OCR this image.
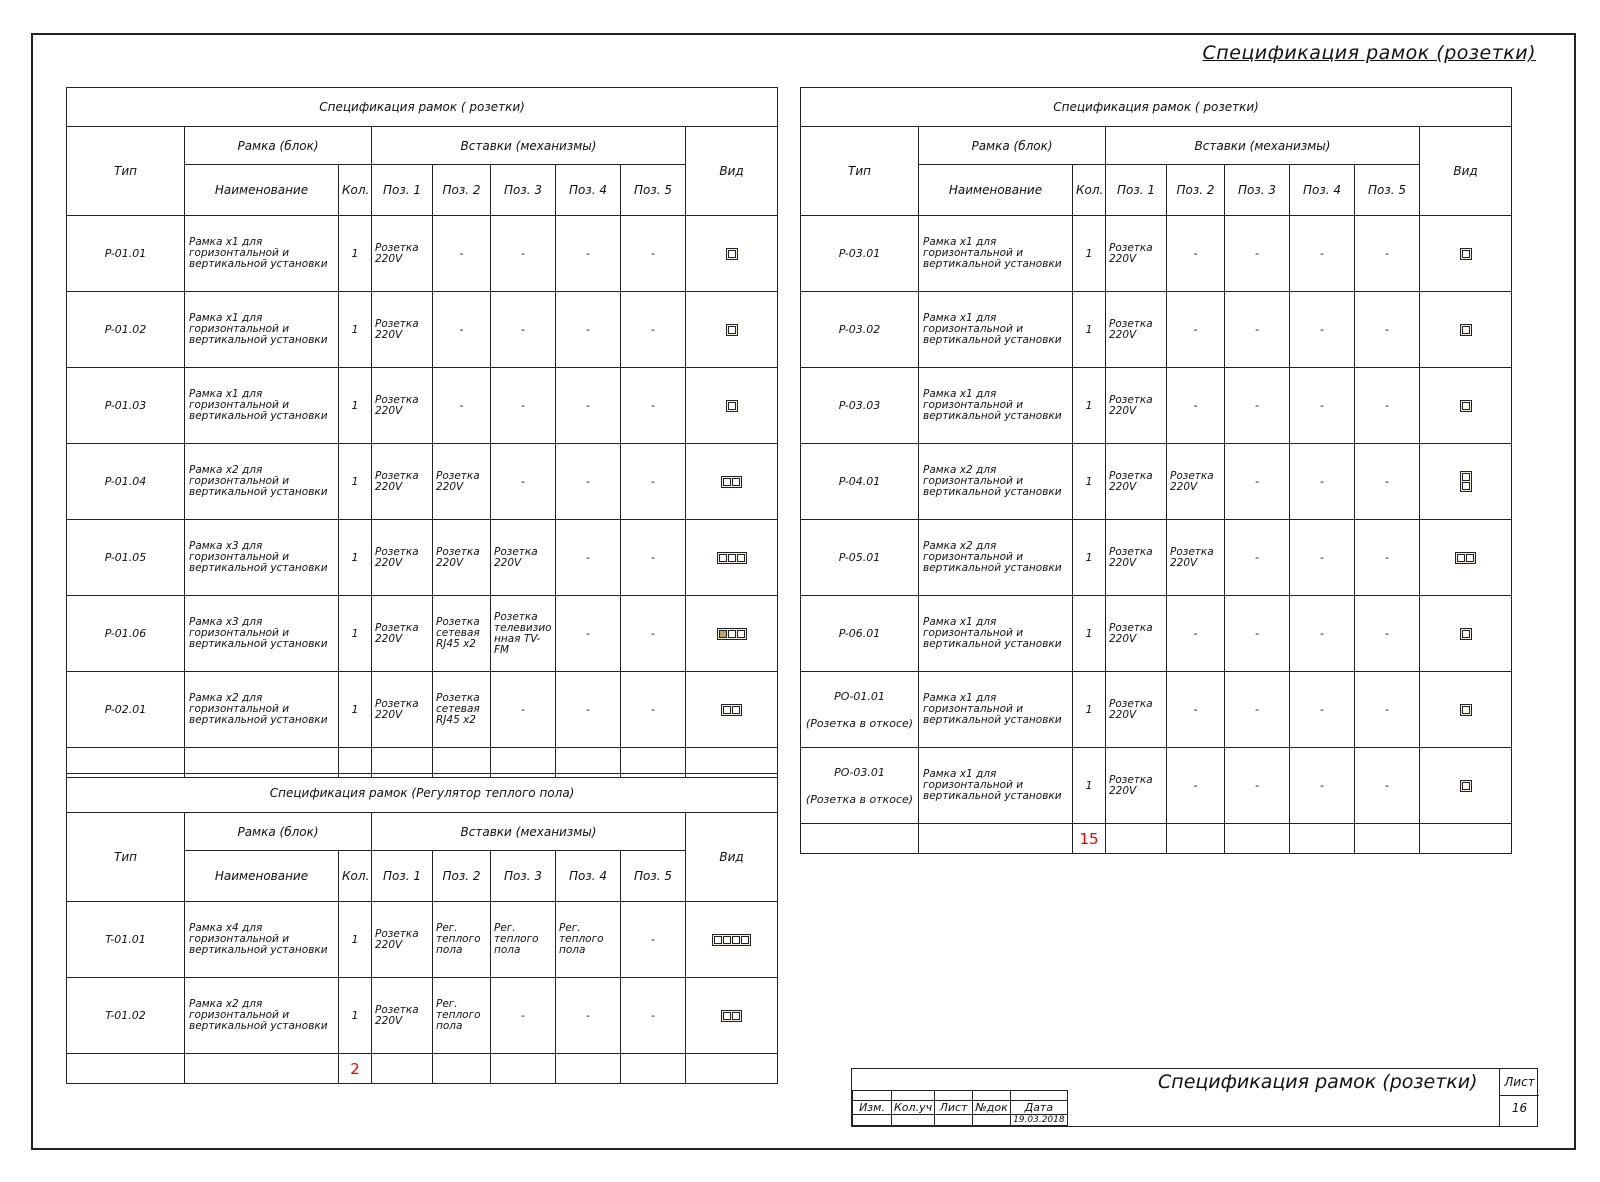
Спецификация рамок (розетки)
Спецификация рамок ( розетки)								
Тип	Рамка (блок)		Вставки (механизмы)					Вид
	Наименование	Кол.	Поз. 1	Поз. 2	Поз. 3	Поз. 4	Поз. 5	
P-01.01	Рамка x1 для горизонтальной и вертикальной установки	1	Розетка 220V	-	-	-	-	

P-01.02	Рамка x1 для горизонтальной и вертикальной установки	1	Розетка 220V	-	-	-	-	

P-01.03	Рамка x1 для горизонтальной и вертикальной установки	1	Розетка 220V	-	-	-	-	

P-01.04	Рамка x2 для горизонтальной и вертикальной установки	1	Розетка 220V	Розетка 220V	-	-	-	

P-01.05	Рамка x3 для горизонтальной и вертикальной установки	1	Розетка 220V	Розетка 220V	Розетка 220V	-	-	

P-01.06	Рамка x3 для горизонтальной и вертикальной установки	1	Розетка 220V	Розетка сетевая RJ45 x2	Розетка телевизио нная TV-FM	-	-	

P-02.01	Рамка x2 для горизонтальной и вертикальной установки	1	Розетка 220V	Розетка сетевая RJ45 x2	-	-	-	

Спецификация рамок (Регулятор теплого пола)								
Тип	Рамка (блок)		Вставки (механизмы)					Вид
	Наименование	Кол.	Поз. 1	Поз. 2	Поз. 3	Поз. 4	Поз. 5	
T-01.01	Рамка x4 для горизонтальной и вертикальной установки	1	Розетка 220V	Рег. теплого пола	Рег. теплого пола	Рег. теплого пола	-	

T-01.02	Рамка x2 для горизонтальной и вертикальной установки	1	Розетка 220V	Рег. теплого пола	-	-	-	

		2						
Спецификация рамок ( розетки)								
Тип	Рамка (блок)		Вставки (механизмы)					Вид
	Наименование	Кол.	Поз. 1	Поз. 2	Поз. 3	Поз. 4	Поз. 5	
P-03.01	Рамка x1 для горизонтальной и вертикальной установки	1	Розетка 220V	-	-	-	-	

P-03.02	Рамка x1 для горизонтальной и вертикальной установки	1	Розетка 220V	-	-	-	-	

P-03.03	Рамка x1 для горизонтальной и вертикальной установки	1	Розетка 220V	-	-	-	-	

P-04.01	Рамка x2 для горизонтальной и вертикальной установки	1	Розетка 220V	Розетка 220V	-	-	-	

P-05.01	Рамка x2 для горизонтальной и вертикальной установки	1	Розетка 220V	Розетка 220V	-	-	-	

P-06.01	Рамка x1 для горизонтальной и вертикальной установки	1	Розетка 220V	-	-	-	-	

PO-01.01
(Розетка в откосе)	Рамка x1 для горизонтальной и вертикальной установки	1	Розетка 220V	-	-	-	-	

PO-03.01
(Розетка в откосе)	Рамка x1 для горизонтальной и вертикальной установки	1	Розетка 220V	-	-	-	-	

		15						

Изм.	Кол.уч	Лист	№док	Дата
				19.03.2018
Спецификация рамок (розетки)	Лист
16
